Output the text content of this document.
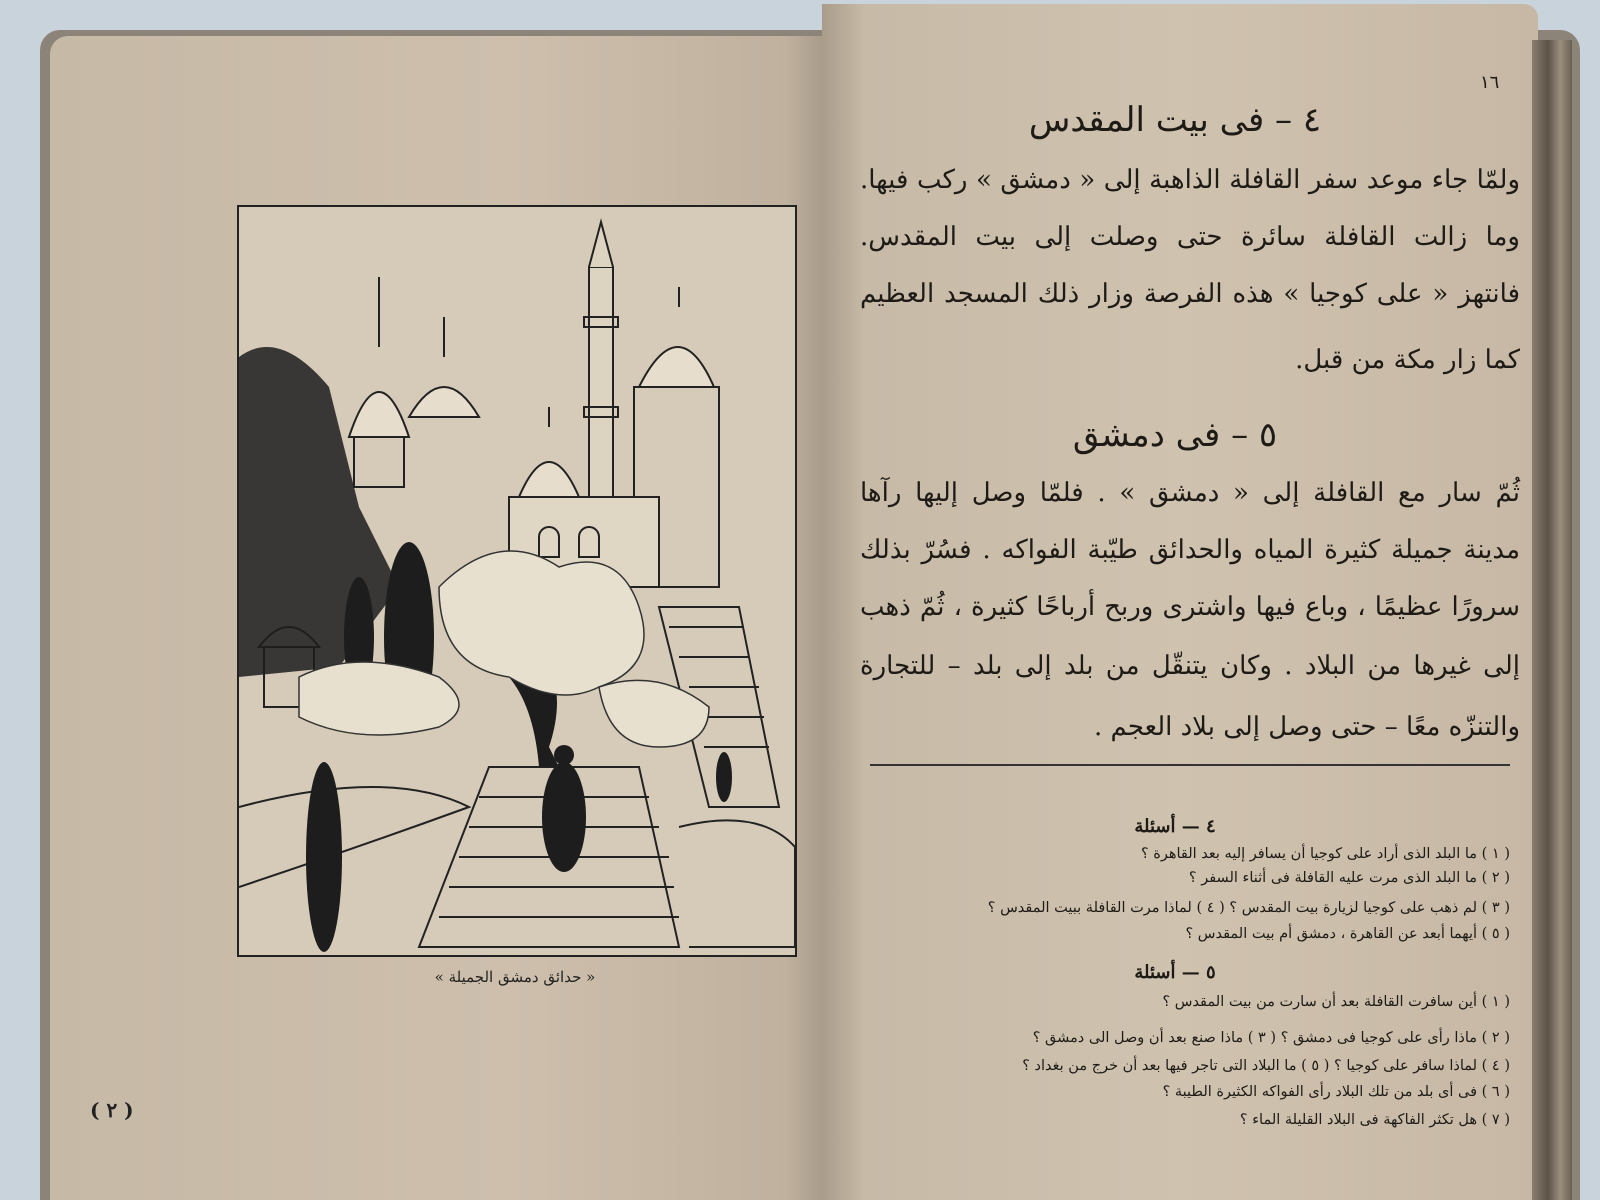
« حدائق دمشق الجميلة »
( ٢ )
١٦
٤ – فى بيت المقدس
ولمّا جاء موعد سفر القافلة الذاهبة إلى « دمشق » ركب فيها.
وما زالت القافلة سائرة حتى وصلت إلى بيت المقدس.
فانتهز « على كوجيا » هذه الفرصة وزار ذلك المسجد العظيم
كما زار مكة من قبل.
٥ – فى دمشق
ثُمّ سار مع القافلة إلى « دمشق » . فلمّا وصل إليها رآها
مدينة جميلة كثيرة المياه والحدائق طيّبة الفواكه . فسُرّ بذلك
سرورًا عظيمًا ، وباع فيها واشترى وربح أرباحًا كثيرة ، ثُمّ ذهب
إلى غيرها من البلاد . وكان يتنقّل من بلد إلى بلد – للتجارة
والتنزّه معًا – حتى وصل إلى بلاد العجم .
٤ — أسئلة
( ١ ) ما البلد الذى أراد على كوجيا أن يسافر إليه بعد القاهرة ؟
( ٢ ) ما البلد الذى مرت عليه القافلة فى أثناء السفر ؟
( ٣ ) لم ذهب على كوجيا لزيارة بيت المقدس ؟ ( ٤ ) لماذا مرت القافلة ببيت المقدس ؟
( ٥ ) أيهما أبعد عن القاهرة ، دمشق أم بيت المقدس ؟
٥ — أسئلة
( ١ ) أين سافرت القافلة بعد أن سارت من بيت المقدس ؟
( ٢ ) ماذا رأى على كوجيا فى دمشق ؟ ( ٣ ) ماذا صنع بعد أن وصل الى دمشق ؟
( ٤ ) لماذا سافر على كوجيا ؟ ( ٥ ) ما البلاد التى تاجر فيها بعد أن خرج من بغداد ؟
( ٦ ) فى أى بلد من تلك البلاد رأى الفواكه الكثيرة الطيبة ؟
( ٧ ) هل تكثر الفاكهة فى البلاد القليلة الماء ؟
